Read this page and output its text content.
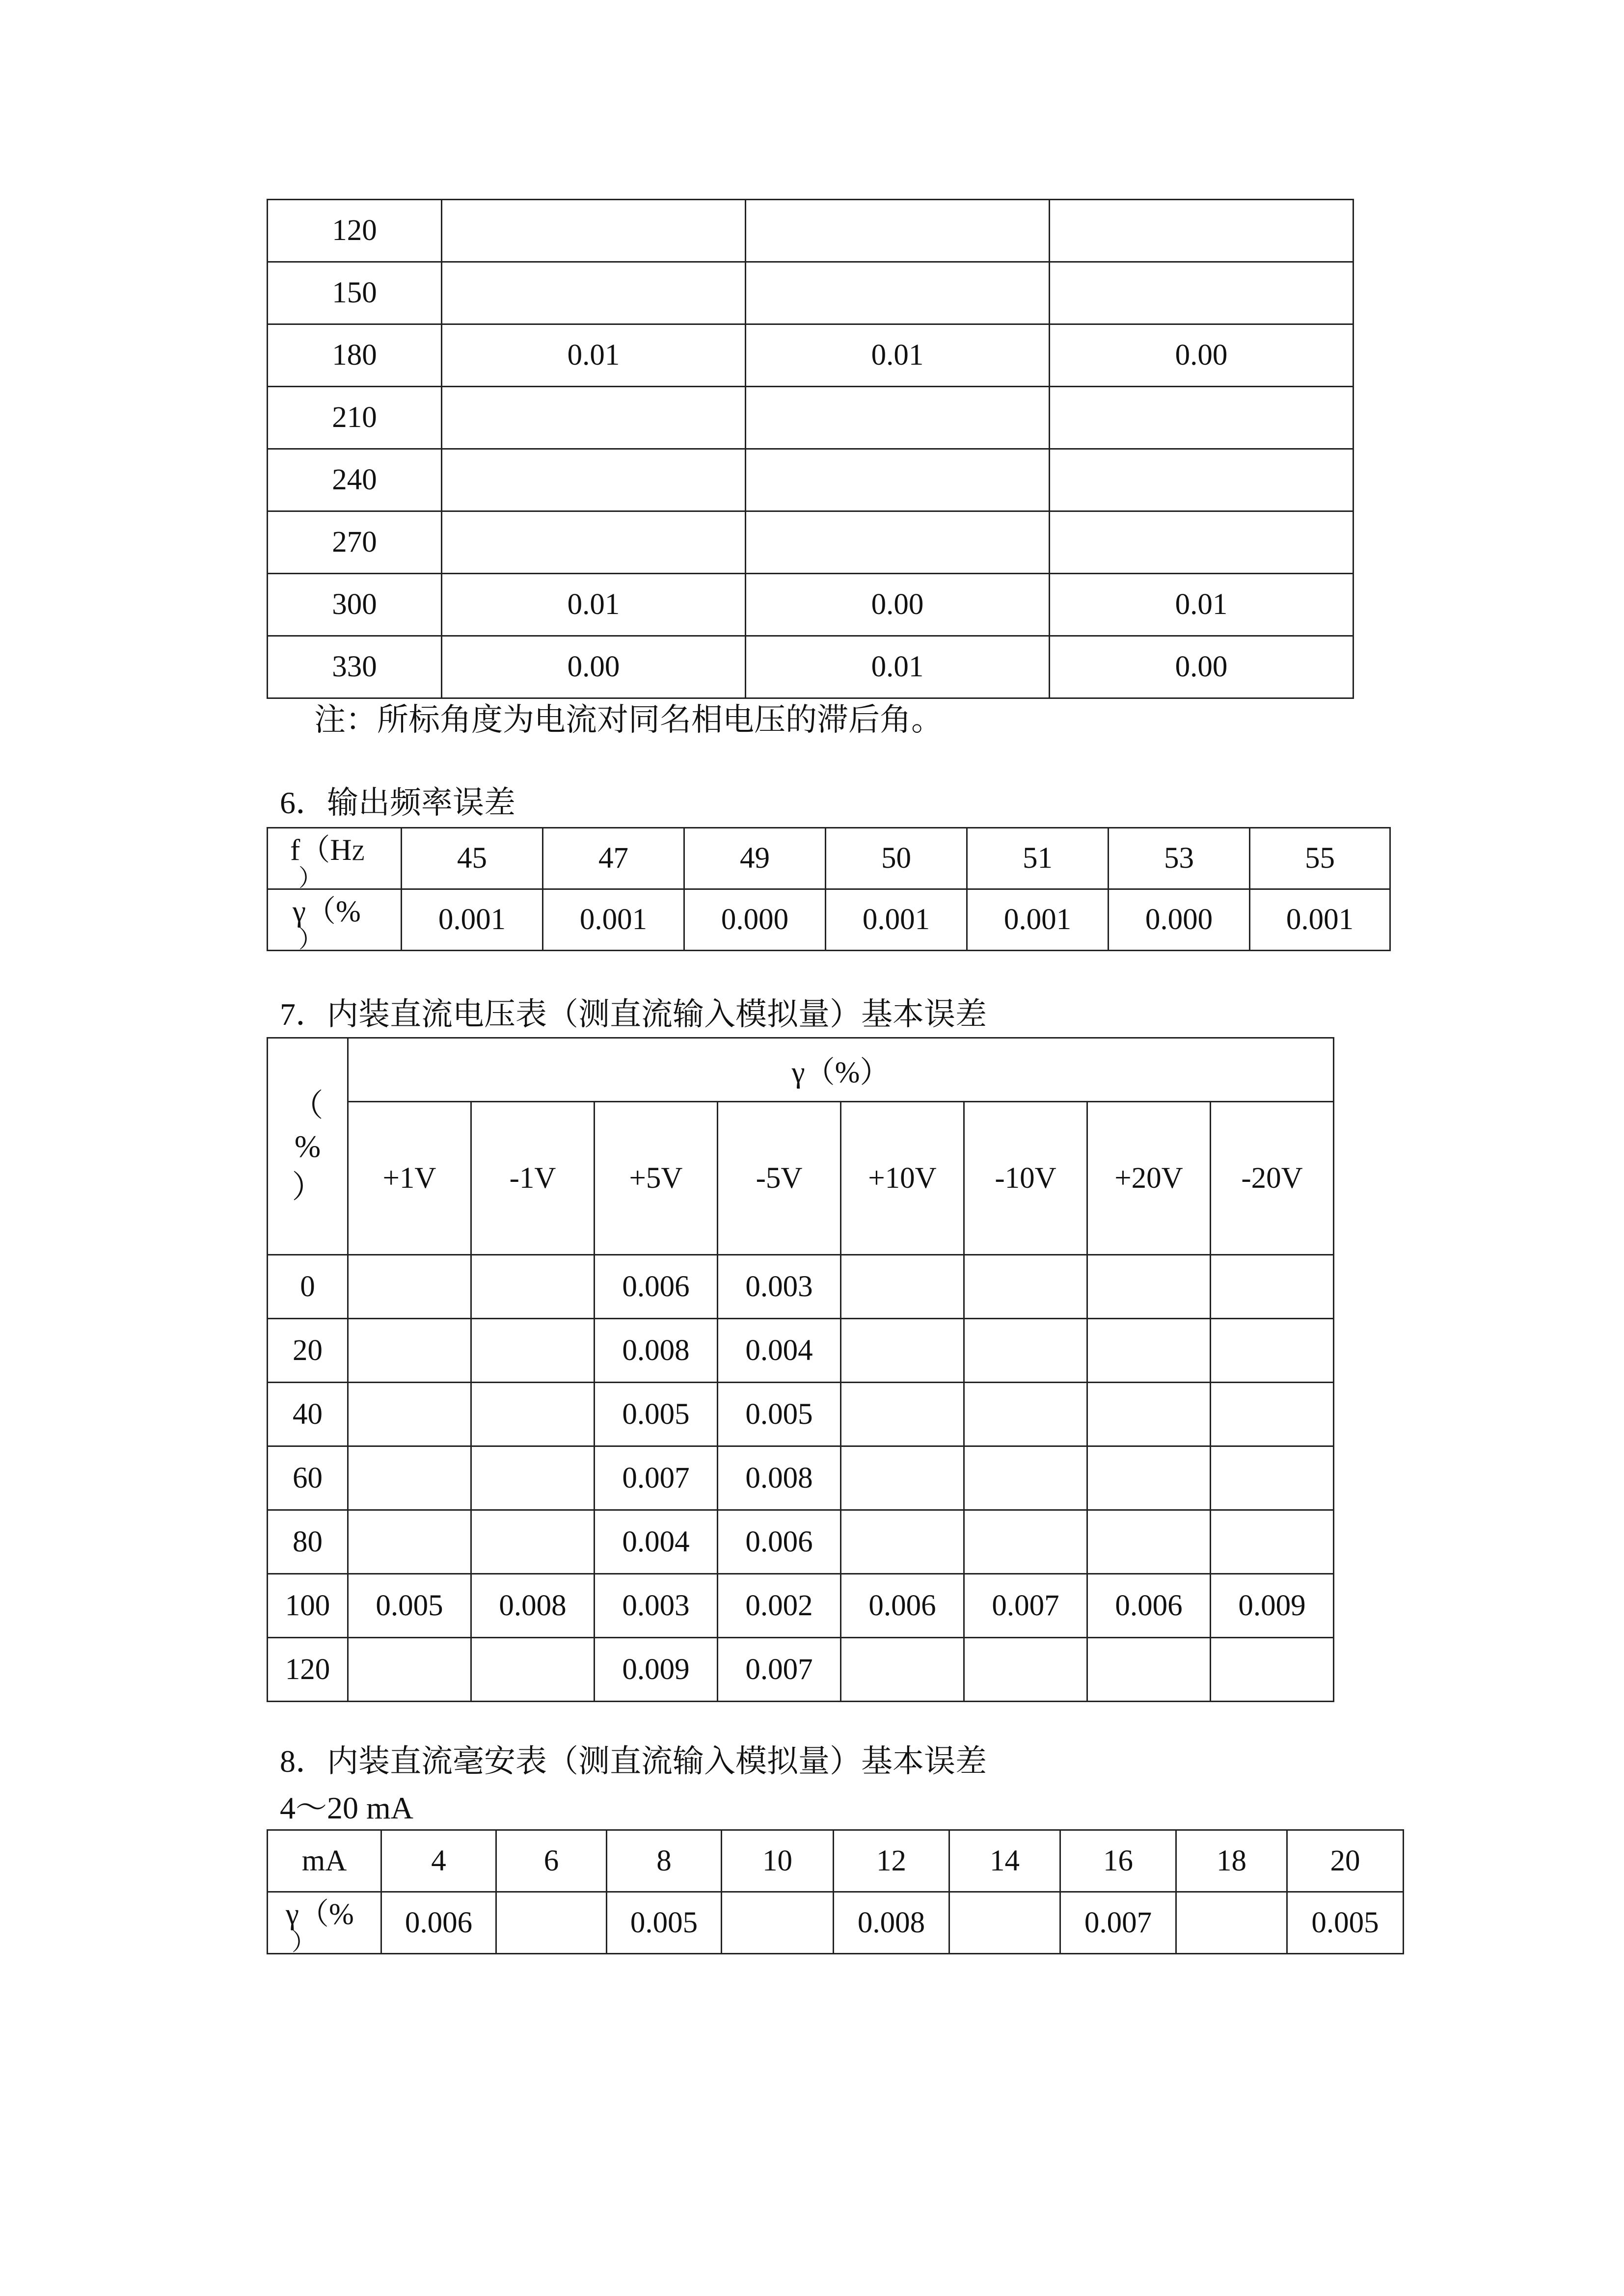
120			
150			
180	0.01	0.01	0.00
210			
240			
270			
300	0.01	0.00	0.01
330	0.00	0.01	0.00
注：所标角度为电流对同名相电压的滞后角。
6．输出频率误差
f（HZ
）	45	47	49	50	51	53	55

γ（%
）	0.001	0.001	0.000	0.001	0.001	0.000	0.001
7．内装直流电压表（测直流输入模拟量）基本误差
（
%
）	γ（%）							
	+1V	-1V	+5V	-5V	+10V	-10V	+20V	-20V
0			0.006	0.003				
20			0.008	0.004				
40			0.005	0.005				
60			0.007	0.008				
80			0.004	0.006				
100	0.005	0.008	0.003	0.002	0.006	0.007	0.006	0.009
120			0.009	0.007				
8．内装直流毫安表（测直流输入模拟量）基本误差
4～20 mA
mA	4	6	8	10	12	14	16	18	20

γ（%
）	0.006		0.005		0.008		0.007		0.005
